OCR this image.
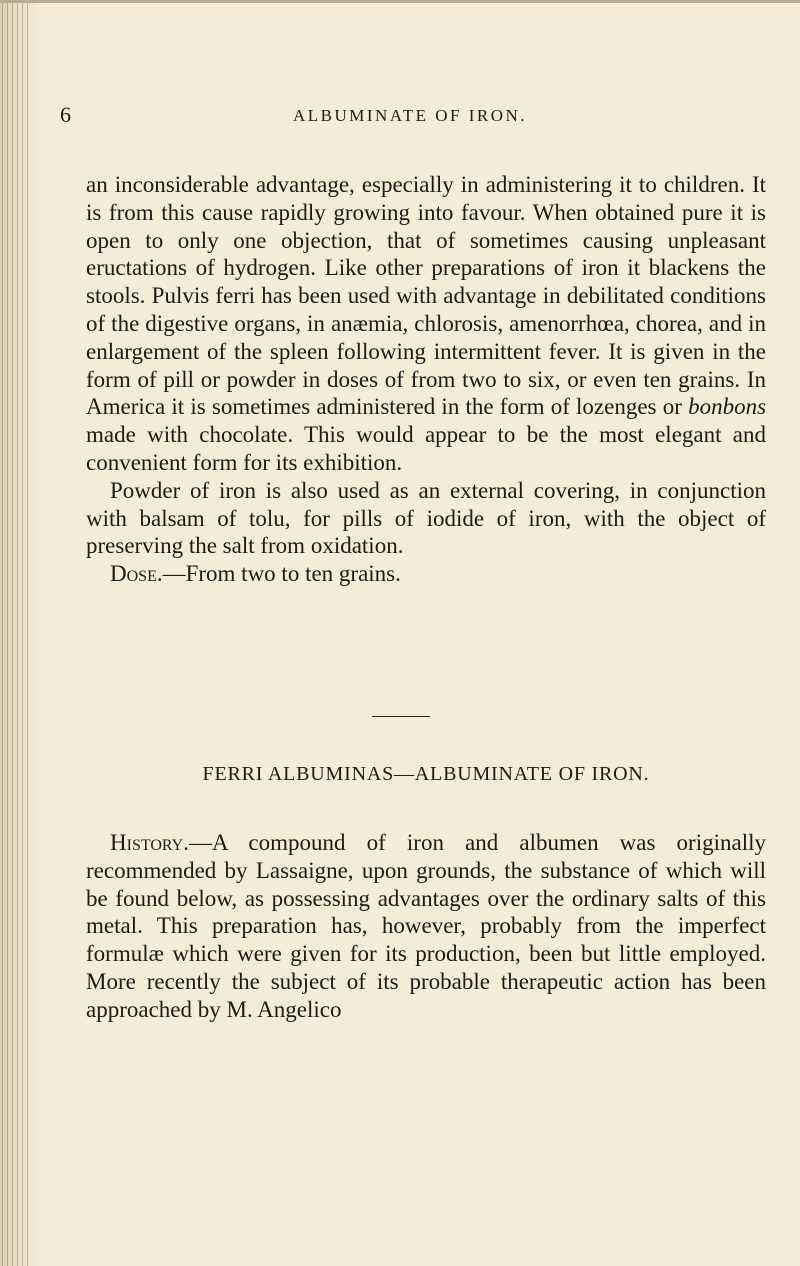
6	ALBUMINATE OF IRON.

an inconsiderable advantage, especially in administering it to children. It is from this cause rapidly growing into favour. When obtained pure it is open to only one objection, that of sometimes causing unpleasant eructations of hydrogen. Like other preparations of iron it blackens the stools. Pulvis ferri has been used with advantage in debilitated conditions of the digestive organs, in anæmia, chlorosis, amenorrhœa, chorea, and in enlargement of the spleen following intermittent fever. It is given in the form of pill or powder in doses of from two to six, or even ten grains. In America it is sometimes administered in the form of lozenges or bonbons made with chocolate. This would appear to be the most elegant and convenient form for its exhibition.

Powder of iron is also used as an external covering, in conjunction with balsam of tolu, for pills of iodide of iron, with the object of preserving the salt from oxidation.

Dose.—From two to ten grains.

FERRI ALBUMINAS—ALBUMINATE OF IRON.

History.—A compound of iron and albumen was originally recommended by Lassaigne, upon grounds, the substance of which will be found below, as possessing advantages over the ordinary salts of this metal. This preparation has, however, probably from the imperfect formulæ which were given for its production, been but little employed. More recently the subject of its probable therapeutic action has been approached by M. Angelico
